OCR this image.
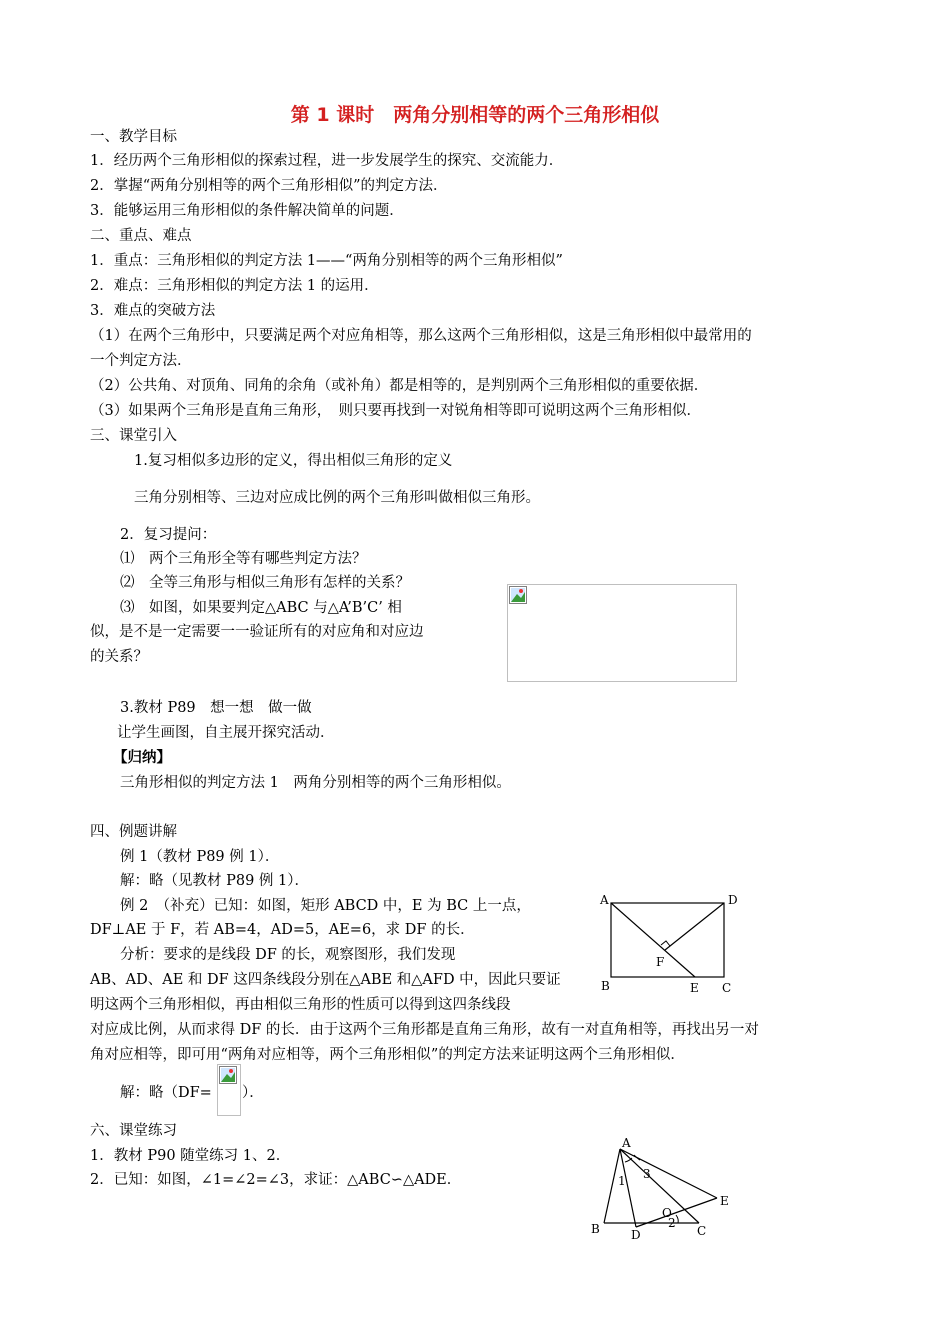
第 1 课时　两角分别相等的两个三角形相似
一、教学目标
1．经历两个三角形相似的探索过程，进一步发展学生的探究、交流能力．
2．掌握“两角分别相等的两个三角形相似”的判定方法．
3．能够运用三角形相似的条件解决简单的问题．
二、重点、难点
1．重点：三角形相似的判定方法 1——“两角分别相等的两个三角形相似”
2．难点：三角形相似的判定方法 1 的运用．
3．难点的突破方法
（1）在两个三角形中，只要满足两个对应角相等，那么这两个三角形相似，这是三角形相似中最常用的
一个判定方法．
（2）公共角、对顶角、同角的余角（或补角）都是相等的，是判别两个三角形相似的重要依据．
（3）如果两个三角形是直角三角形，　则只要再找到一对锐角相等即可说明这两个三角形相似．
三、课堂引入
1.复习相似多边形的定义，得出相似三角形的定义
三角分别相等、三边对应成比例的两个三角形叫做相似三角形。
2．复习提问：
⑴　两个三角形全等有哪些判定方法？
⑵　全等三角形与相似三角形有怎样的关系？
⑶　如图，如果要判定△ABC 与△A’B’C’ 相
似，是不是一定需要一一验证所有的对应角和对应边
的关系？
3.教材 P89　想一想　做一做
让学生画图，自主展开探究活动．
【归纳】
三角形相似的判定方法 1　两角分别相等的两个三角形相似。
四、例题讲解
例 1（教材 P89 例 1）．
解：略（见教材 P89 例 1）．
例 2　（补充）已知：如图，矩形 ABCD 中，E 为 BC 上一点，
DF⊥AE 于 F，若 AB=4，AD=5，AE=6，求 DF 的长．
分析：要求的是线段 DF 的长，观察图形，我们发现
AB、AD、AE 和 DF 这四条线段分别在△ABE 和△AFD 中，因此只要证
明这两个三角形相似，再由相似三角形的性质可以得到这四条线段
对应成比例，从而求得 DF 的长．由于这两个三角形都是直角三角形，故有一对直角相等，再找出另一对
角对应相等，即可用“两角对应相等，两个三角形相似”的判定方法来证明这两个三角形相似．
解：略（DF= ）．
A	D
F
B	E C
六、课堂练习
1．教材 P90 随堂练习 1、2．
2．已知：如图，∠1=∠2=∠3，求证：△ABC∽△ADE．
A
3
1
E
O
2
B	D	C
